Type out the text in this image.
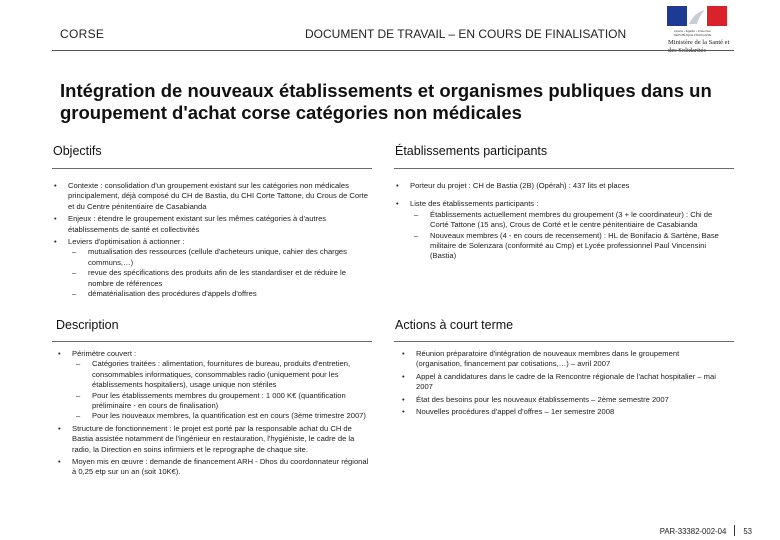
CORSE	DOCUMENT DE TRAVAIL – EN COURS DE FINALISATION	Liberté • Égalité • Fraternité
RÉPUBLIQUE FRANÇAISE
Ministère de la Santé et des Solidarités
Intégration de nouveaux établissements et organismes publiques dans un groupement d'achat corse catégories non médicales
Objectifs
• Contexte : consolidation d'un groupement existant sur les catégories non médicales principalement, déjà composé du CH de Bastia, du CHI Corte Tattone, du Crous de Corte et du Centre pénitentiaire de Casabianda
• Enjeux : étendre le groupement existant sur les mêmes catégories à d'autres établissements de santé et collectivités
• Leviers d'optimisation à actionner :
– mutualisation des ressources (cellule d'acheteurs unique, cahier des charges communs,…)
– revue des spécifications des produits afin de les standardiser et de réduire le nombre de références
– dématérialisation des procédures d'appels d'offres
Établissements participants
• Porteur du projet : CH de Bastia (2B) (Opérah) : 437 lits et places
• Liste des établissements participants :
– Établissements actuellement membres du groupement (3 + le coordinateur) : Chi de Corté Tattone (15 ans), Crous de Corté et le centre pénitentiaire de Casabianda
– Nouveaux membres (4 - en cours de recensement) : HL de Bonifacio & Sartène, Base militaire de Solenzara (conformité au Cmp) et Lycée professionnel Paul Vincensini (Bastia)
Description
• Périmètre couvert :
– Catégories traitées : alimentation, fournitures de bureau, produits d'entretien, consommables informatiques, consommables radio (uniquement pour les établissements hospitaliers), usage unique non stériles
– Pour les établissements membres du groupement : 1 000 K€ (quantification préliminaire - en cours de finalisation)
– Pour les nouveaux membres, la quantification est en cours (3ème trimestre 2007)
• Structure de fonctionnement : le projet est porté par la responsable achat du CH de Bastia assistée notamment de l'ingénieur en restauration, l'hygiéniste, le cadre de la radio, la Direction en soins infirmiers et le reprographe de chaque site.
• Moyen mis en œuvre : demande de financement ARH - Dhos du coordonnateur régional à 0,25 etp sur un an (soit 10K€).
Actions à court terme
• Réunion préparatoire d'intégration de nouveaux membres dans le groupement (organisation, financement par cotisations,…) – avril 2007
• Appel à candidatures dans le cadre de la Rencontre régionale de l'achat hospitalier – mai 2007
• État des besoins pour les nouveaux établissements – 2ème semestre 2007
• Nouvelles procédures d'appel d'offres – 1er semestre 2008
PAR-33382-002-04 53
